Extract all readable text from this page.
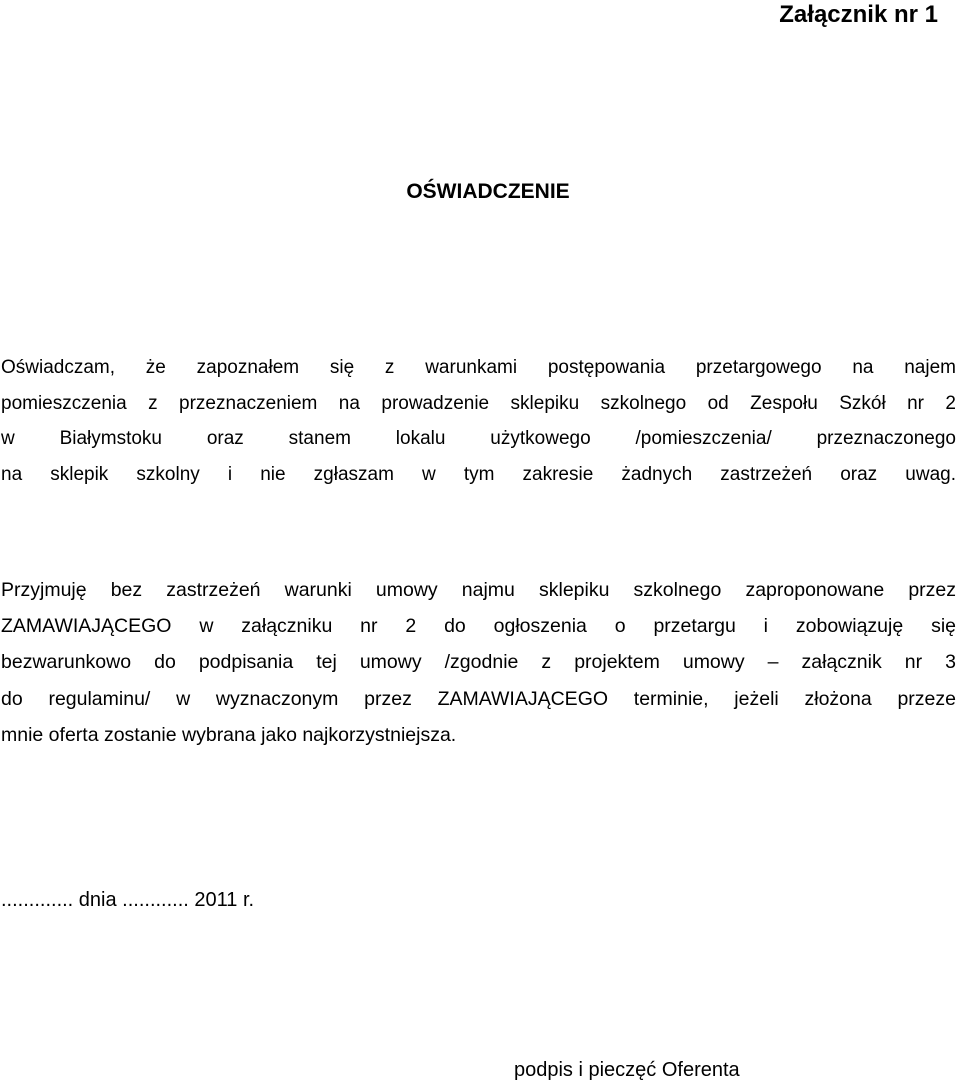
Załącznik nr 1
OŚWIADCZENIE
Oświadczam, że zapoznałem się z warunkami postępowania przetargowego na najem
pomieszczenia z przeznaczeniem na prowadzenie sklepiku szkolnego od Zespołu Szkół nr 2
w Białymstoku oraz stanem lokalu użytkowego /pomieszczenia/ przeznaczonego
na sklepik szkolny i nie zgłaszam w tym zakresie żadnych zastrzeżeń oraz uwag.
Przyjmuję bez zastrzeżeń warunki umowy najmu sklepiku szkolnego zaproponowane przez
ZAMAWIAJĄCEGO w załączniku nr 2 do ogłoszenia o przetargu i zobowiązuję się
bezwarunkowo do podpisania tej umowy /zgodnie z projektem umowy – załącznik nr 3
do regulaminu/ w wyznaczonym przez ZAMAWIAJĄCEGO terminie, jeżeli złożona przeze
mnie oferta zostanie wybrana jako najkorzystniejsza.
............. dnia ............ 2011 r.
podpis i pieczęć Oferenta
